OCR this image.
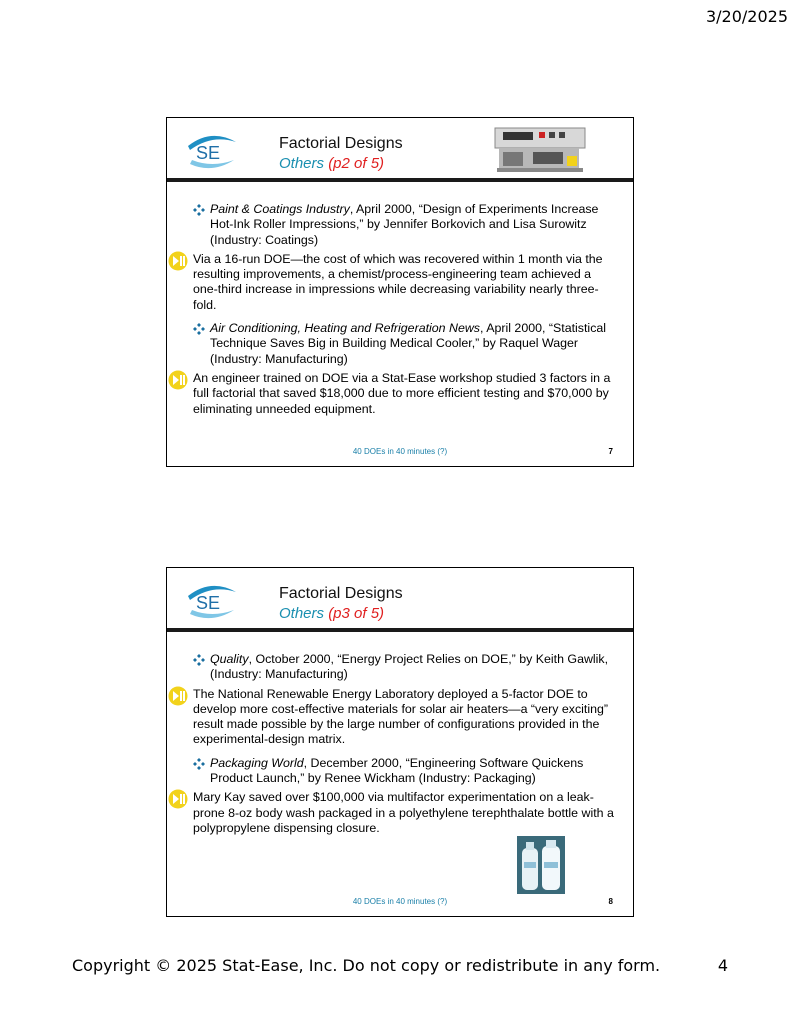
3/20/2025
SE	Factorial Designs
Others (p2 of 5)
Paint & Coatings Industry, April 2000, “Design of Experiments Increase Hot-Ink Roller Impressions,” by Jennifer Borkovich and Lisa Surowitz (Industry: Coatings)
Via a 16-run DOE—the cost of which was recovered within 1 month via the resulting improvements, a chemist/process-engineering team achieved a one-third increase in impressions while decreasing variability nearly three-fold.
Air Conditioning, Heating and Refrigeration News, April 2000, “Statistical Technique Saves Big in Building Medical Cooler,” by Raquel Wager (Industry: Manufacturing)
An engineer trained on DOE via a Stat-Ease workshop studied 3 factors in a full factorial that saved $18,000 due to more efficient testing and $70,000 by eliminating unneeded equipment.
40 DOEs in 40 minutes (?)	7
SE	Factorial Designs
Others (p3 of 5)
Quality, October 2000, “Energy Project Relies on DOE,” by Keith Gawlik, (Industry: Manufacturing)
The National Renewable Energy Laboratory deployed a 5-factor DOE to develop more cost-effective materials for solar air heaters—a “very exciting” result made possible by the large number of configurations provided in the experimental-design matrix.
Packaging World, December 2000, “Engineering Software Quickens Product Launch,” by Renee Wickham (Industry: Packaging)
Mary Kay saved over $100,000 via multifactor experimentation on a leak-prone 8-oz body wash packaged in a polyethylene terephthalate bottle with a polypropylene dispensing closure.
40 DOEs in 40 minutes (?)	8
Copyright © 2025 Stat-Ease, Inc. Do not copy or redistribute in any form.	4
